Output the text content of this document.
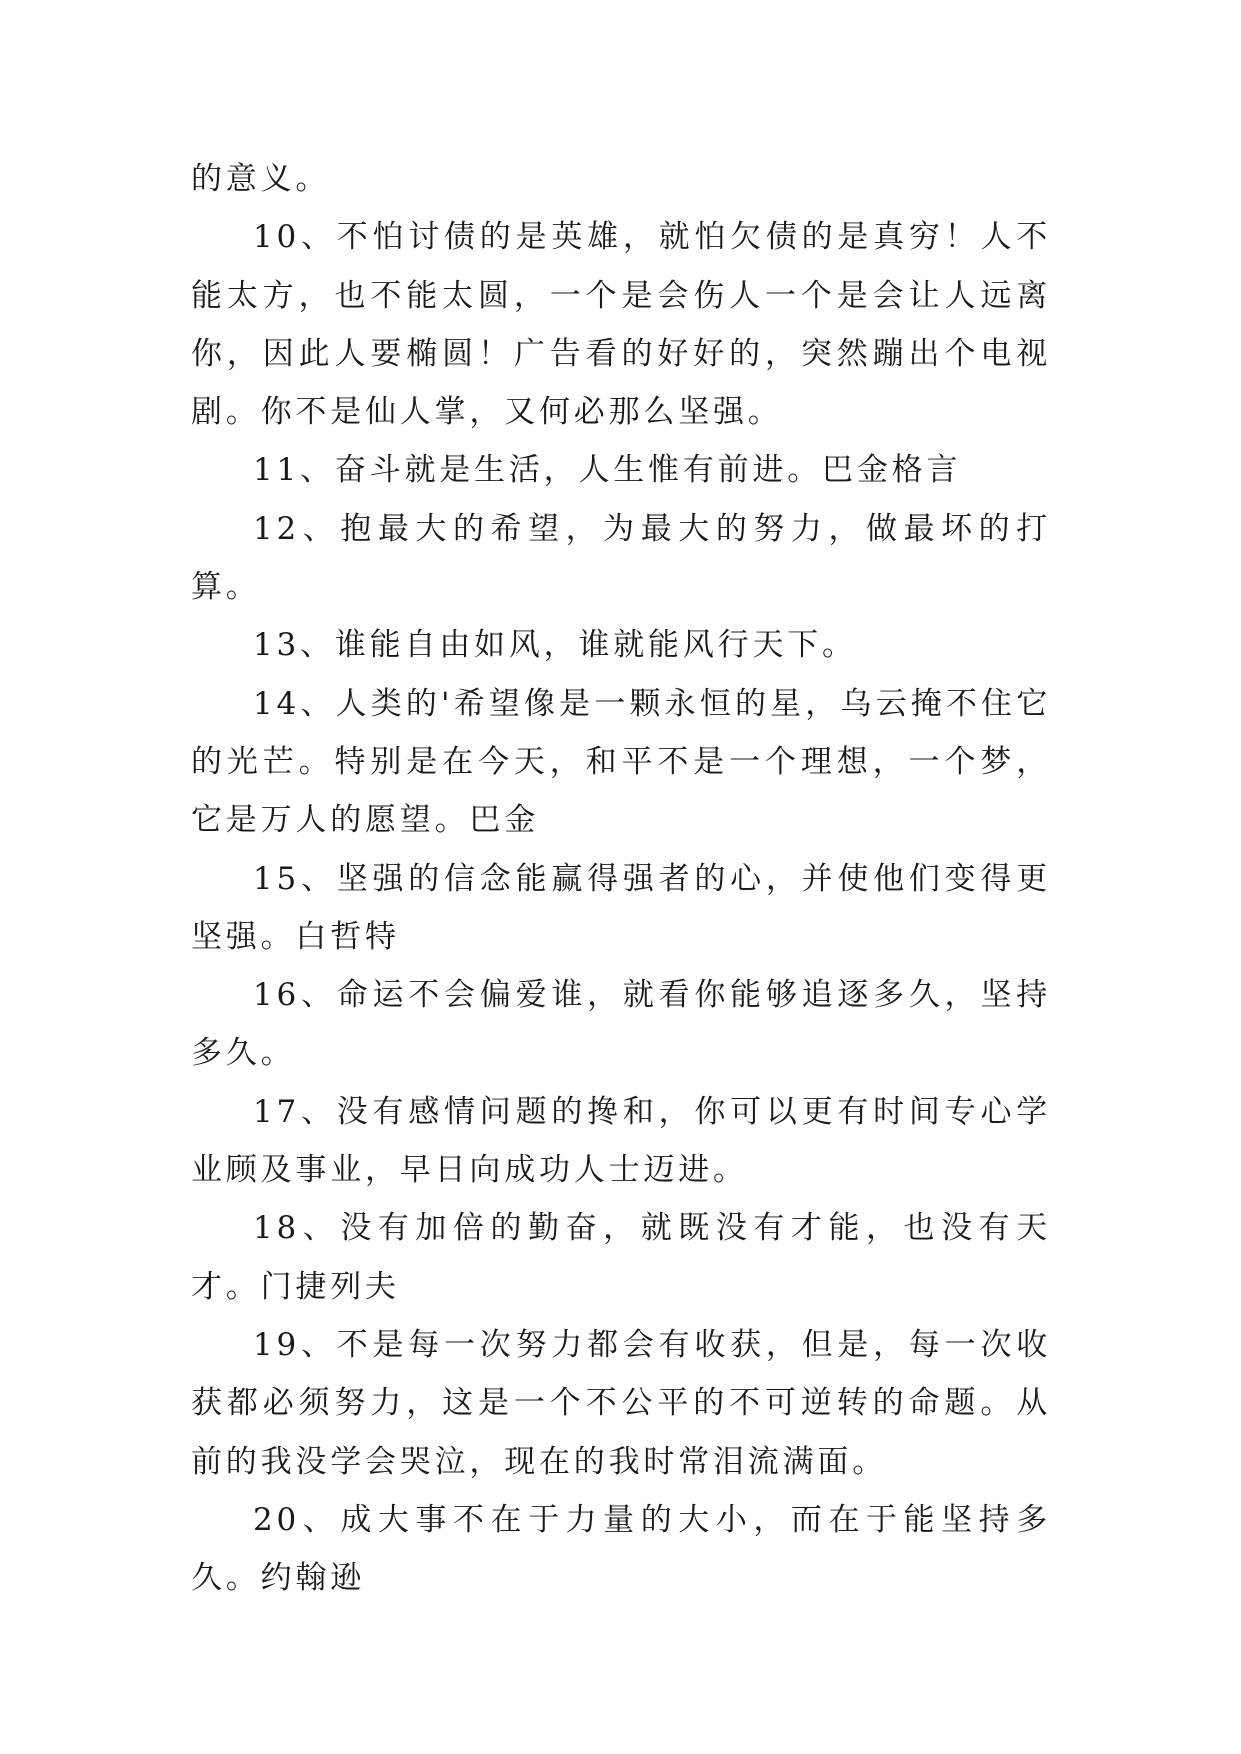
的意义。

10、不怕讨债的是英雄，就怕欠债的是真穷！人不能太方，也不能太圆，一个是会伤人一个是会让人远离你，因此人要椭圆！广告看的好好的，突然蹦出个电视剧。你不是仙人掌，又何必那么坚强。

11、奋斗就是生活，人生惟有前进。巴金格言

12、抱最大的希望，为最大的努力，做最坏的打算。

13、谁能自由如风，谁就能风行天下。

14、人类的'希望像是一颗永恒的星，乌云掩不住它的光芒。特别是在今天，和平不是一个理想，一个梦，它是万人的愿望。巴金

15、坚强的信念能赢得强者的心，并使他们变得更坚强。白哲特

16、命运不会偏爱谁，就看你能够追逐多久，坚持多久。

17、没有感情问题的搀和，你可以更有时间专心学业顾及事业，早日向成功人士迈进。

18、没有加倍的勤奋，就既没有才能，也没有天才。门捷列夫

19、不是每一次努力都会有收获，但是，每一次收获都必须努力，这是一个不公平的不可逆转的命题。从前的我没学会哭泣，现在的我时常泪流满面。

20、成大事不在于力量的大小，而在于能坚持多久。约翰逊
